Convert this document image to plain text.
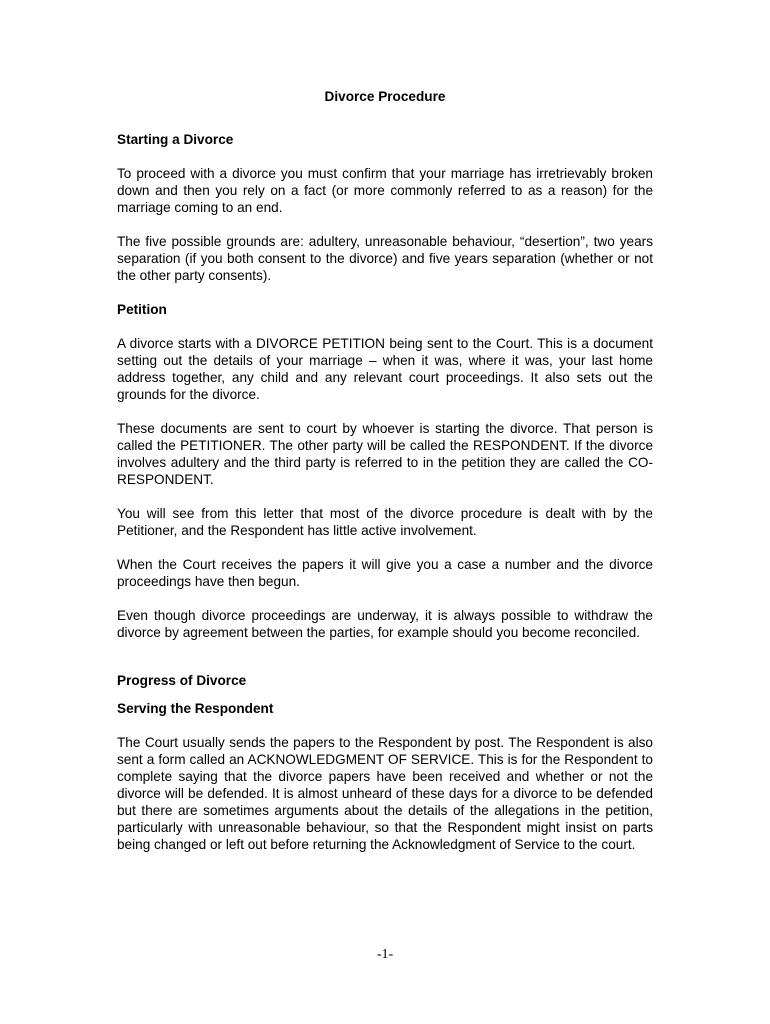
Divorce Procedure
Starting a Divorce
To proceed with a divorce you must confirm that your marriage has irretrievably broken down and then you rely on a fact (or more commonly referred to as a reason) for the marriage coming to an end.
The five possible grounds are: adultery, unreasonable behaviour, “desertion”, two years separation (if you both consent to the divorce) and five years separation (whether or not the other party consents).
Petition
A divorce starts with a DIVORCE PETITION being sent to the Court. This is a document setting out the details of your marriage – when it was, where it was, your last home address together, any child and any relevant court proceedings. It also sets out the grounds for the divorce.
These documents are sent to court by whoever is starting the divorce. That person is called the PETITIONER. The other party will be called the RESPONDENT. If the divorce involves adultery and the third party is referred to in the petition they are called the CO-RESPONDENT.
You will see from this letter that most of the divorce procedure is dealt with by the Petitioner, and the Respondent has little active involvement.
When the Court receives the papers it will give you a case a number and the divorce proceedings have then begun.
Even though divorce proceedings are underway, it is always possible to withdraw the divorce by agreement between the parties, for example should you become reconciled.
Progress of Divorce
Serving the Respondent
The Court usually sends the papers to the Respondent by post. The Respondent is also sent a form called an ACKNOWLEDGMENT OF SERVICE. This is for the Respondent to complete saying that the divorce papers have been received and whether or not the divorce will be defended. It is almost unheard of these days for a divorce to be defended but there are sometimes arguments about the details of the allegations in the petition, particularly with unreasonable behaviour, so that the Respondent might insist on parts being changed or left out before returning the Acknowledgment of Service to the court.
-1-
